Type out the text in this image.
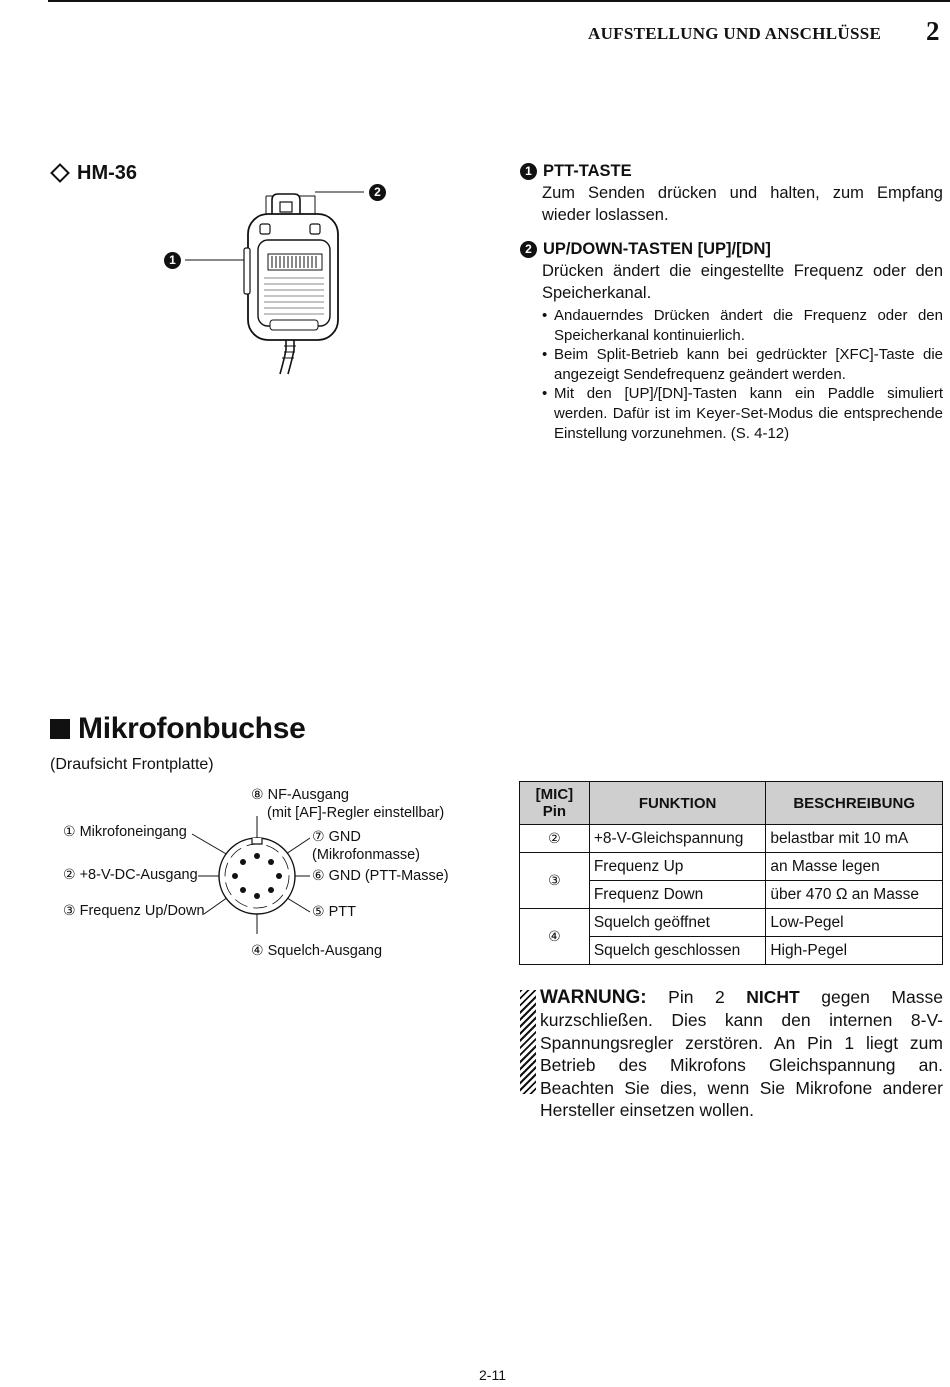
AUFSTELLUNG UND ANSCHLÜSSE 2
HM-36
1
2
1 PTT-TASTE
Zum Senden drücken und halten, zum Empfang wieder loslassen.
2 UP/DOWN-TASTEN [UP]/[DN]
Drücken ändert die eingestellte Frequenz oder den Speicherkanal.
• Andauerndes Drücken ändert die Frequenz oder den Speicherkanal kontinuierlich.
• Beim Split-Betrieb kann bei gedrückter [XFC]-Taste die angezeigt Sendefrequenz geändert werden.
• Mit den [UP]/[DN]-Tasten kann ein Paddle simuliert werden. Dafür ist im Keyer-Set-Modus die entsprechende Einstellung vorzunehmen. (S. 4-12)
Mikrofonbuchse
(Draufsicht Frontplatte)
⑧ NF-Ausgang
(mit [AF]-Regler einstellbar)
① Mikrofoneingang	⑦ GND
(Mikrofonmasse)
② +8-V-DC-Ausgang	⑥ GND (PTT-Masse)
③ Frequenz Up/Down	⑤ PTT
④ Squelch-Ausgang
[MIC]
Pin	FUNKTION	BESCHREIBUNG
②	+8-V-Gleichspannung	belastbar mit 10 mA
③	Frequenz Up	an Masse legen
	Frequenz Down	über 470 Ω an Masse
④	Squelch geöffnet	Low-Pegel
	Squelch geschlossen	High-Pegel
WARNUNG: Pin 2 NICHT gegen Masse kurzschließen. Dies kann den internen 8-V-Spannungsregler zerstören. An Pin 1 liegt zum Betrieb des Mikrofons Gleichspannung an. Beachten Sie dies, wenn Sie Mikrofone anderer Hersteller einsetzen wollen.
2-11
